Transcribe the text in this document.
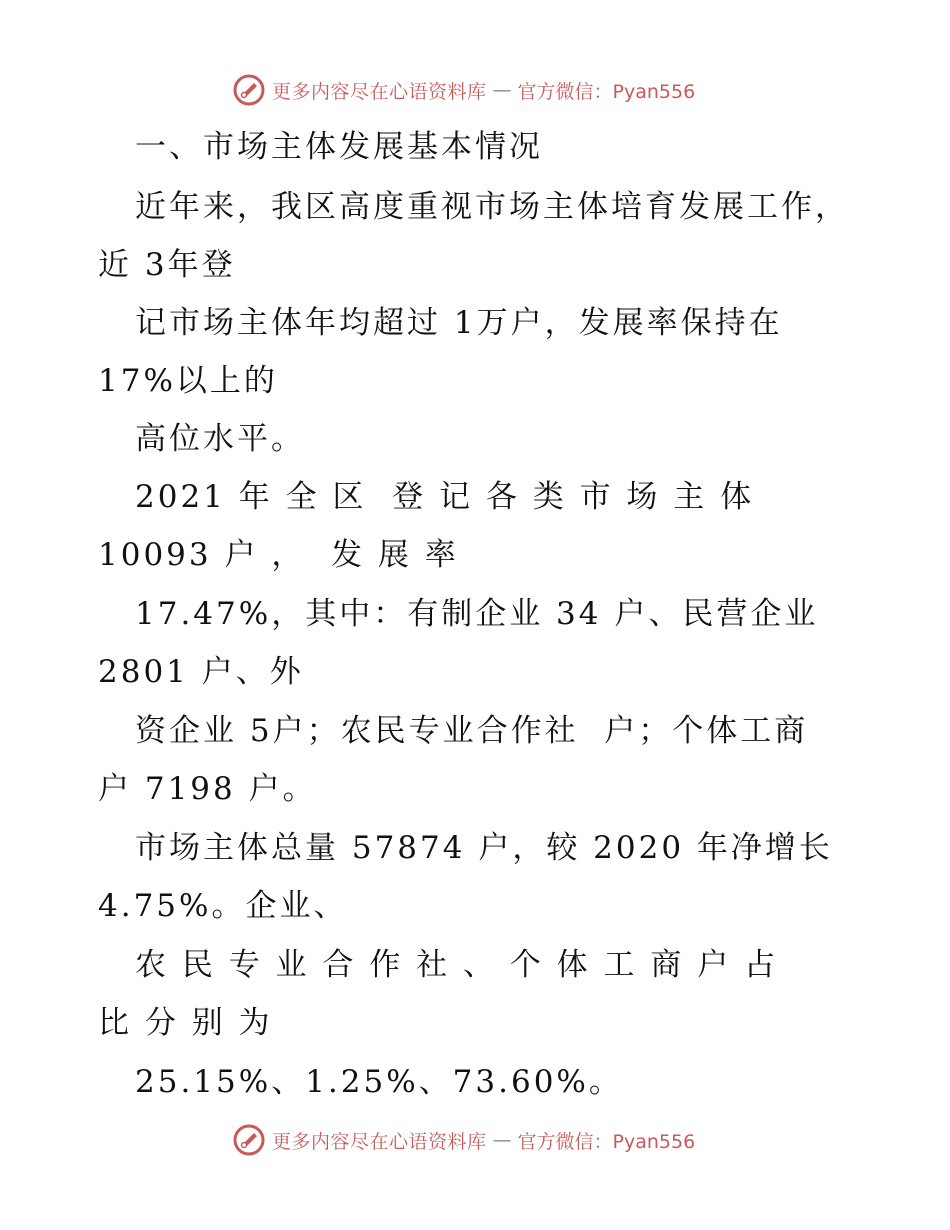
更多内容尽在心语资料库 — 官方微信：Pyan556
一、市场主体发展基本情况
近年来，我区高度重视市场主体培育发展工作，
近 3年登
记市场主体年均超过 1万户，发展率保持在
17%以上的
高位水平。
2021 年 全 区  登 记 各 类 市 场 主 体
10093 户 ，  发 展 率
17.47%，其中：有制企业 34 户、民营企业
2801 户、外
资企业 5户；农民专业合作社  户；个体工商
户 7198 户。
市场主体总量 57874 户，较 2020 年净增长
4.75%。企业、
农 民 专 业 合 作 社 、 个 体 工 商 户 占
比 分 别 为
25.15%、1.25%、73.60%。
更多内容尽在心语资料库 — 官方微信：Pyan556
